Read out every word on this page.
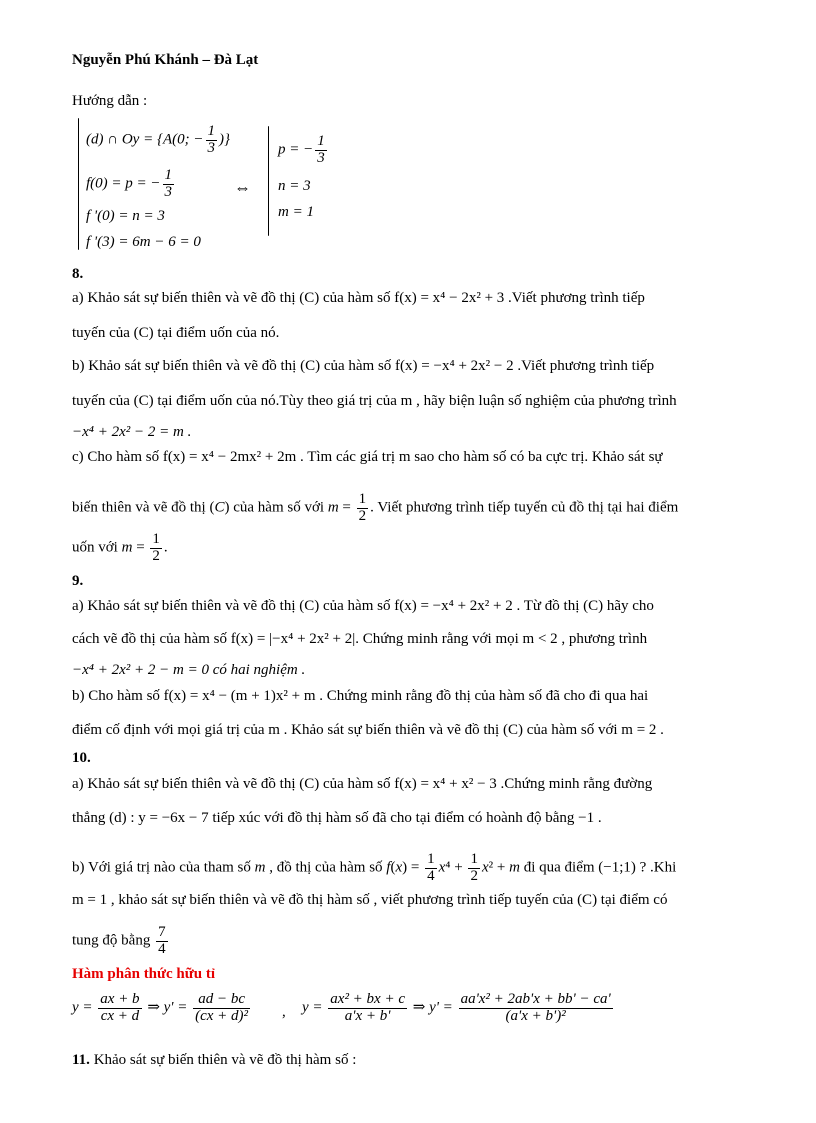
Nguyễn Phú Khánh – Đà Lạt
Hướng dẫn :
(d) ∩ Oy = {A(0; − $\frac{1}{3}$ )}
f(0) = p = − $\frac{1}{3}$
f '(0) = n = 3
f '(3) = 6m − 6 = 0
⇔
p = − $\frac{1}{3}$
n = 3
m = 1
8.
a) Khảo sát sự biến thiên và vẽ đồ thị (C) của hàm số f(x) = x⁴ − 2x² + 3 .Viết phương trình tiếp
tuyến của (C) tại điểm uốn của nó.
b) Khảo sát sự biến thiên và vẽ đồ thị (C) của hàm số f(x) = −x⁴ + 2x² − 2 .Viết phương trình tiếp
tuyến của (C) tại điểm uốn của nó.Tùy theo giá trị của m , hãy biện luận số nghiệm của phương trình
−x⁴ + 2x² − 2 = m .
c) Cho hàm số f(x) = x⁴ − 2mx² + 2m . Tìm các giá trị m sao cho hàm số có ba cực trị. Khảo sát sự
biến thiên và vẽ đồ thị (C) của hàm số với $m = \frac{1}{2}$ . Viết phương trình tiếp tuyến củ đồ thị tại hai điểm
uốn với $m = \frac{1}{2}$ .
9.
a) Khảo sát sự biến thiên và vẽ đồ thị (C) của hàm số f(x) = −x⁴ + 2x² + 2 . Từ đồ thị (C) hãy cho
cách vẽ đồ thị của hàm số f(x) = |−x⁴ + 2x² + 2|. Chứng minh rằng với mọi m < 2 , phương trình
−x⁴ + 2x² + 2 − m = 0 có hai nghiệm .
b) Cho hàm số f(x) = x⁴ − (m + 1)x² + m . Chứng minh rằng đồ thị của hàm số đã cho đi qua hai
điểm cố định với mọi giá trị của m . Khảo sát sự biến thiên và vẽ đồ thị (C) của hàm số với m = 2 .
10.
a) Khảo sát sự biến thiên và vẽ đồ thị (C) của hàm số f(x) = x⁴ + x² − 3 .Chứng minh rằng đường
thẳng (d) : y = −6x − 7 tiếp xúc với đồ thị hàm số đã cho tại điểm có hoành độ bằng −1 .
b) Với giá trị nào của tham số m , đồ thị của hàm số $f(x) = \frac{1}{4} x^4 + \frac{1}{2} x^2 + m$ đi qua điểm (−1;1) ? .Khi
m = 1 , khảo sát sự biến thiên và vẽ đồ thị hàm số , viết phương trình tiếp tuyến của (C) tại điểm có
tung độ bằng $\frac{7}{4}$
Hàm phân thức hữu tỉ
$y = \frac{ax + b}{cx + d}$ ⇒ $y' = \frac{ad - bc}{\text{(cx + d)²}}$ , $y = \frac{\text{ax² + bx + c}}{a'x + b'}$ ⇒ $y' = \frac{\text{aa'x² + 2ab'x + bb' − ca'}}{\text{(a'x + b')²}}$
11. Khảo sát sự biến thiên và vẽ đồ thị hàm số :
